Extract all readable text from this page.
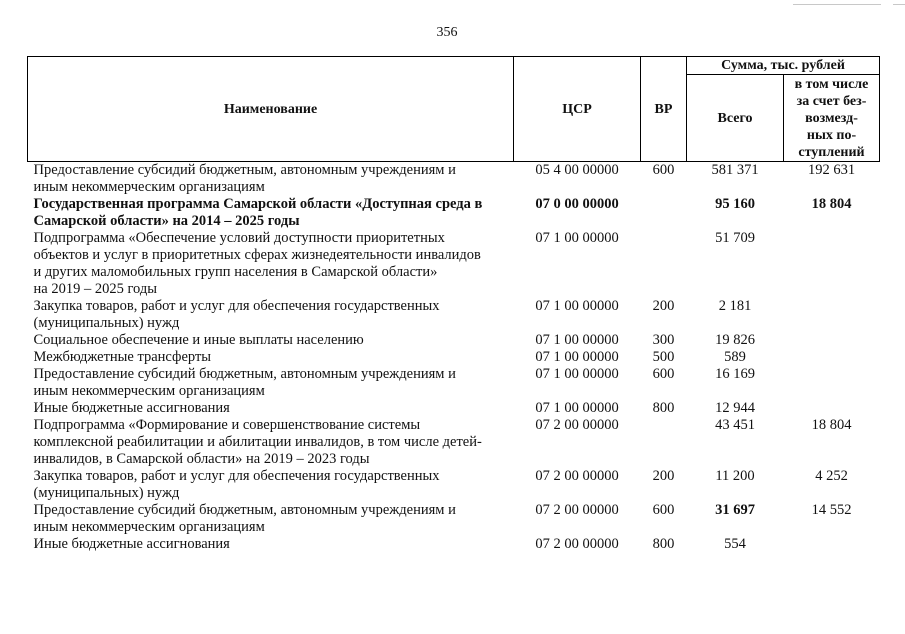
356
Наименование	ЦСР	ВР	Сумма, тыс. рублей	
			Всего	в том числе
за счет без-
возмезд-
ных по-
ступлений
Предоставление субсидий бюджетным, автономным учреждениям и
иным некоммерческим организациям	05 4 00 00000	600	581 371	192 631
Государственная программа Самарской области «Доступная среда в
Самарской области» на 2014 – 2025 годы	07 0 00 00000		95 160	18 804
Подпрограмма «Обеспечение условий доступности приоритетных
объектов и услуг в приоритетных сферах жизнедеятельности инвалидов
и других маломобильных групп населения в Самарской области»
на 2019 – 2025 годы	07 1 00 00000		51 709	
Закупка товаров, работ и услуг для обеспечения государственных
(муниципальных) нужд	07 1 00 00000	200	2 181	
Социальное обеспечение и иные выплаты населению	07 1 00 00000	300	19 826	
Межбюджетные трансферты	07 1 00 00000	500	589	
Предоставление субсидий бюджетным, автономным учреждениям и
иным некоммерческим организациям	07 1 00 00000	600	16 169	
Иные бюджетные ассигнования	07 1 00 00000	800	12 944	
Подпрограмма «Формирование и совершенствование системы
комплексной реабилитации и абилитации инвалидов, в том числе детей-
инвалидов, в Самарской области» на 2019 – 2023 годы	07 2 00 00000		43 451	18 804
Закупка товаров, работ и услуг для обеспечения государственных
(муниципальных) нужд	07 2 00 00000	200	11 200	4 252
Предоставление субсидий бюджетным, автономным учреждениям и
иным некоммерческим организациям	07 2 00 00000	600	31 697	14 552
Иные бюджетные ассигнования	07 2 00 00000	800	554	
